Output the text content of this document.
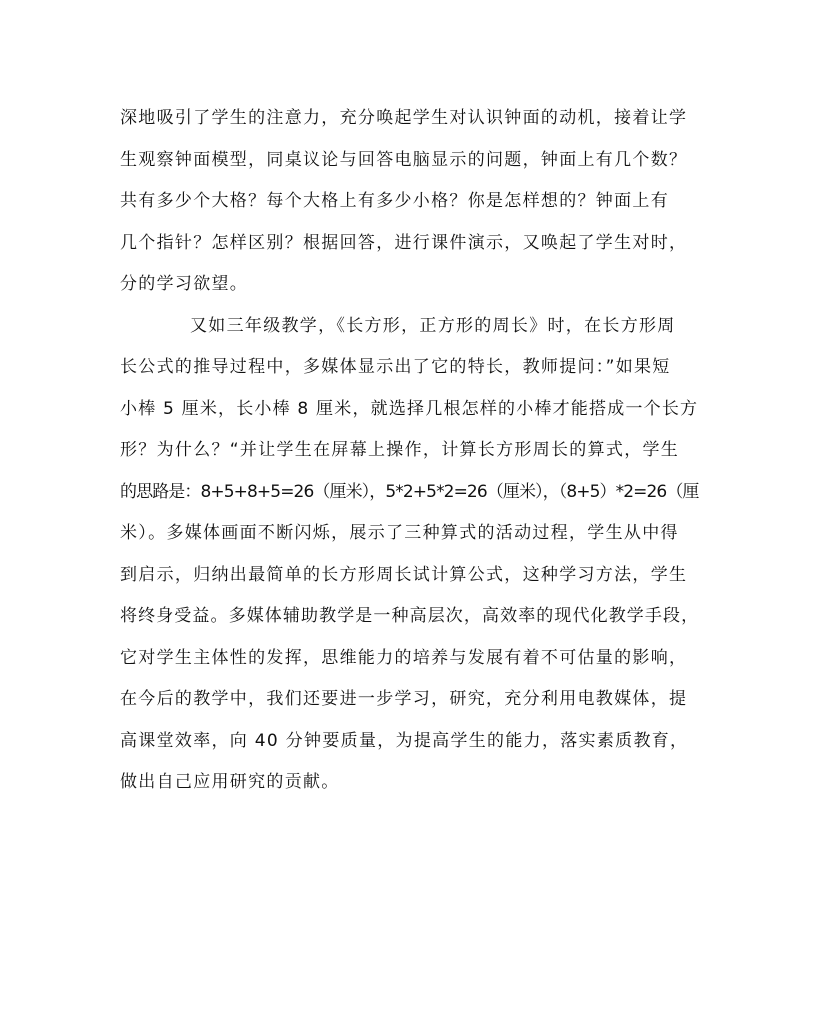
深地吸引了学生的注意力，充分唤起学生对认识钟面的动机，接着让学

生观察钟面模型，同桌议论与回答电脑显示的问题，钟面上有几个数？

共有多少个大格？每个大格上有多少小格？你是怎样想的？钟面上有

几个指针？怎样区别？根据回答，进行课件演示，又唤起了学生对时，

分的学习欲望。

又如三年级教学，《长方形，正方形的周长》时，在长方形周

长公式的推导过程中，多媒体显示出了它的特长，教师提问：”如果短

小棒 5 厘米，长小棒 8 厘米，就选择几根怎样的小棒才能搭成一个长方

形？为什么？“并让学生在屏幕上操作，计算长方形周长的算式，学生

的思路是：8+5+8+5=26（厘米），5*2+5*2=26（厘米），（8+5）*2=26（厘

米）。多媒体画面不断闪烁，展示了三种算式的活动过程，学生从中得

到启示，归纳出最简单的长方形周长试计算公式，这种学习方法，学生

将终身受益。多媒体辅助教学是一种高层次，高效率的现代化教学手段，

它对学生主体性的发挥，思维能力的培养与发展有着不可估量的影响，

在今后的教学中，我们还要进一步学习，研究，充分利用电教媒体，提

高课堂效率，向 40 分钟要质量，为提高学生的能力，落实素质教育，

做出自己应用研究的贡献。
